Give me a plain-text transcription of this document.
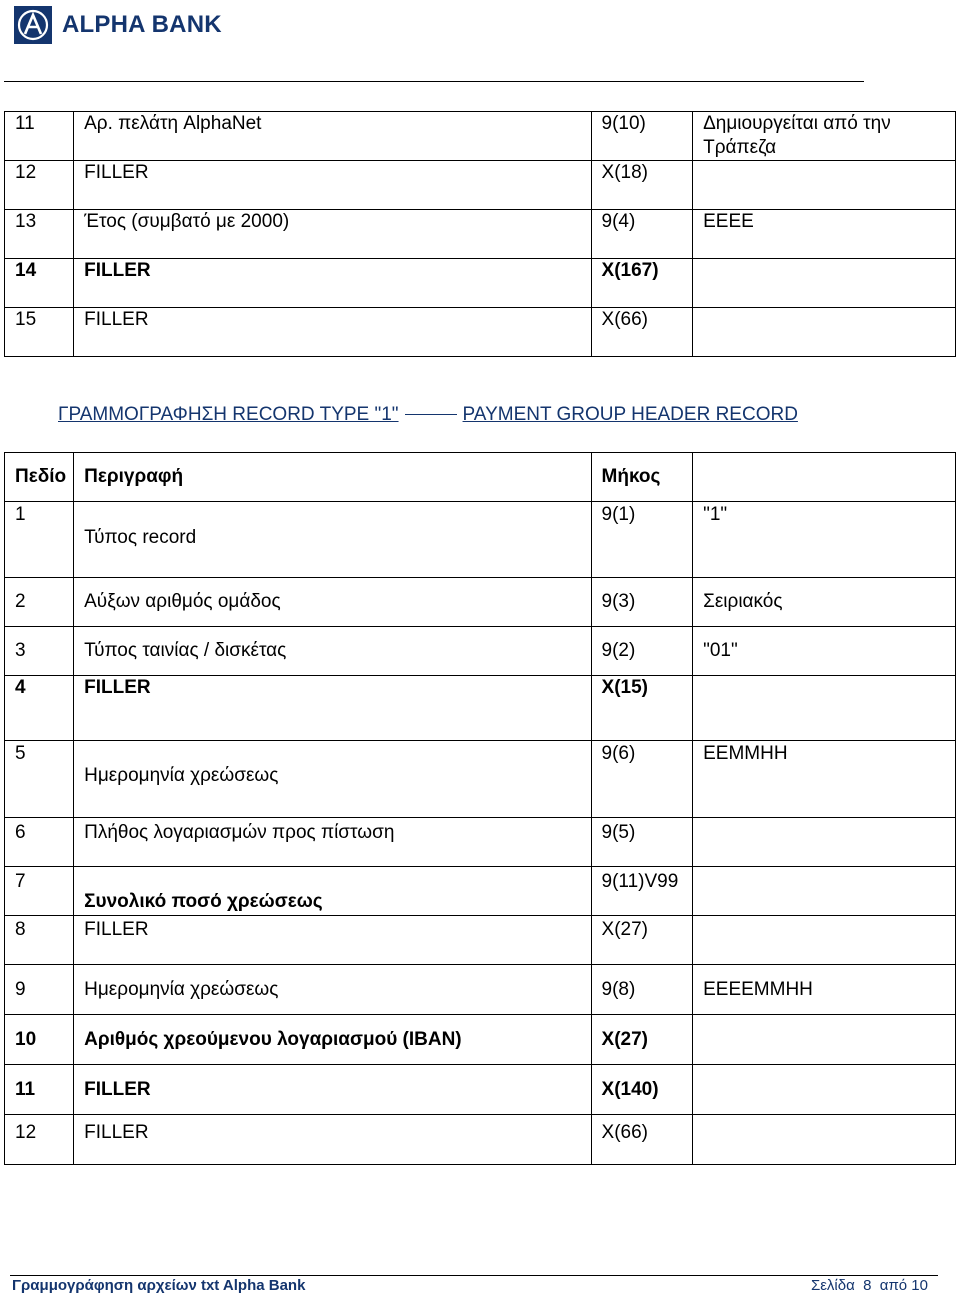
ALPHA BANK
11	Αρ. πελάτη AlphaNet	9(10)	Δημιουργείται από την Τράπεζα
12	FILLER	X(18)	
13	Έτος (συμβατό με 2000)	9(4)	ΕΕΕΕ
14	FILLER	X(167)	
15	FILLER	X(66)	
ΓΡΑΜΜΟΓΡΑΦΗΣΗ RECORD TYPE "1"	PAYMENT GROUP HEADER RECORD
Πεδίο	Περιγραφή	Μήκος	
1	Τύπος record	9(1)	"1"
2	Αύξων αριθμός ομάδος	9(3)	Σειριακός
3	Τύπος ταινίας / δισκέτας	9(2)	"01"
4	FILLER	X(15)	
5	Ημερομηνία χρεώσεως	9(6)	ΕΕΜΜΗΗ
6	Πλήθος λογαριασμών προς πίστωση	9(5)	
7	Συνολικό ποσό χρεώσεως	9(11)V99	
8	FILLER	X(27)	
9	Ημερομηνία χρεώσεως	9(8)	ΕΕΕΕΜΜΗΗ
10	Αριθμός χρεούμενου λογαριασμού (IBAN)	X(27)	
11	FILLER	X(140)	
12	FILLER	X(66)	
Γραμμογράφηση αρχείων txt Alpha Bank	Σελίδα  8  από 10
